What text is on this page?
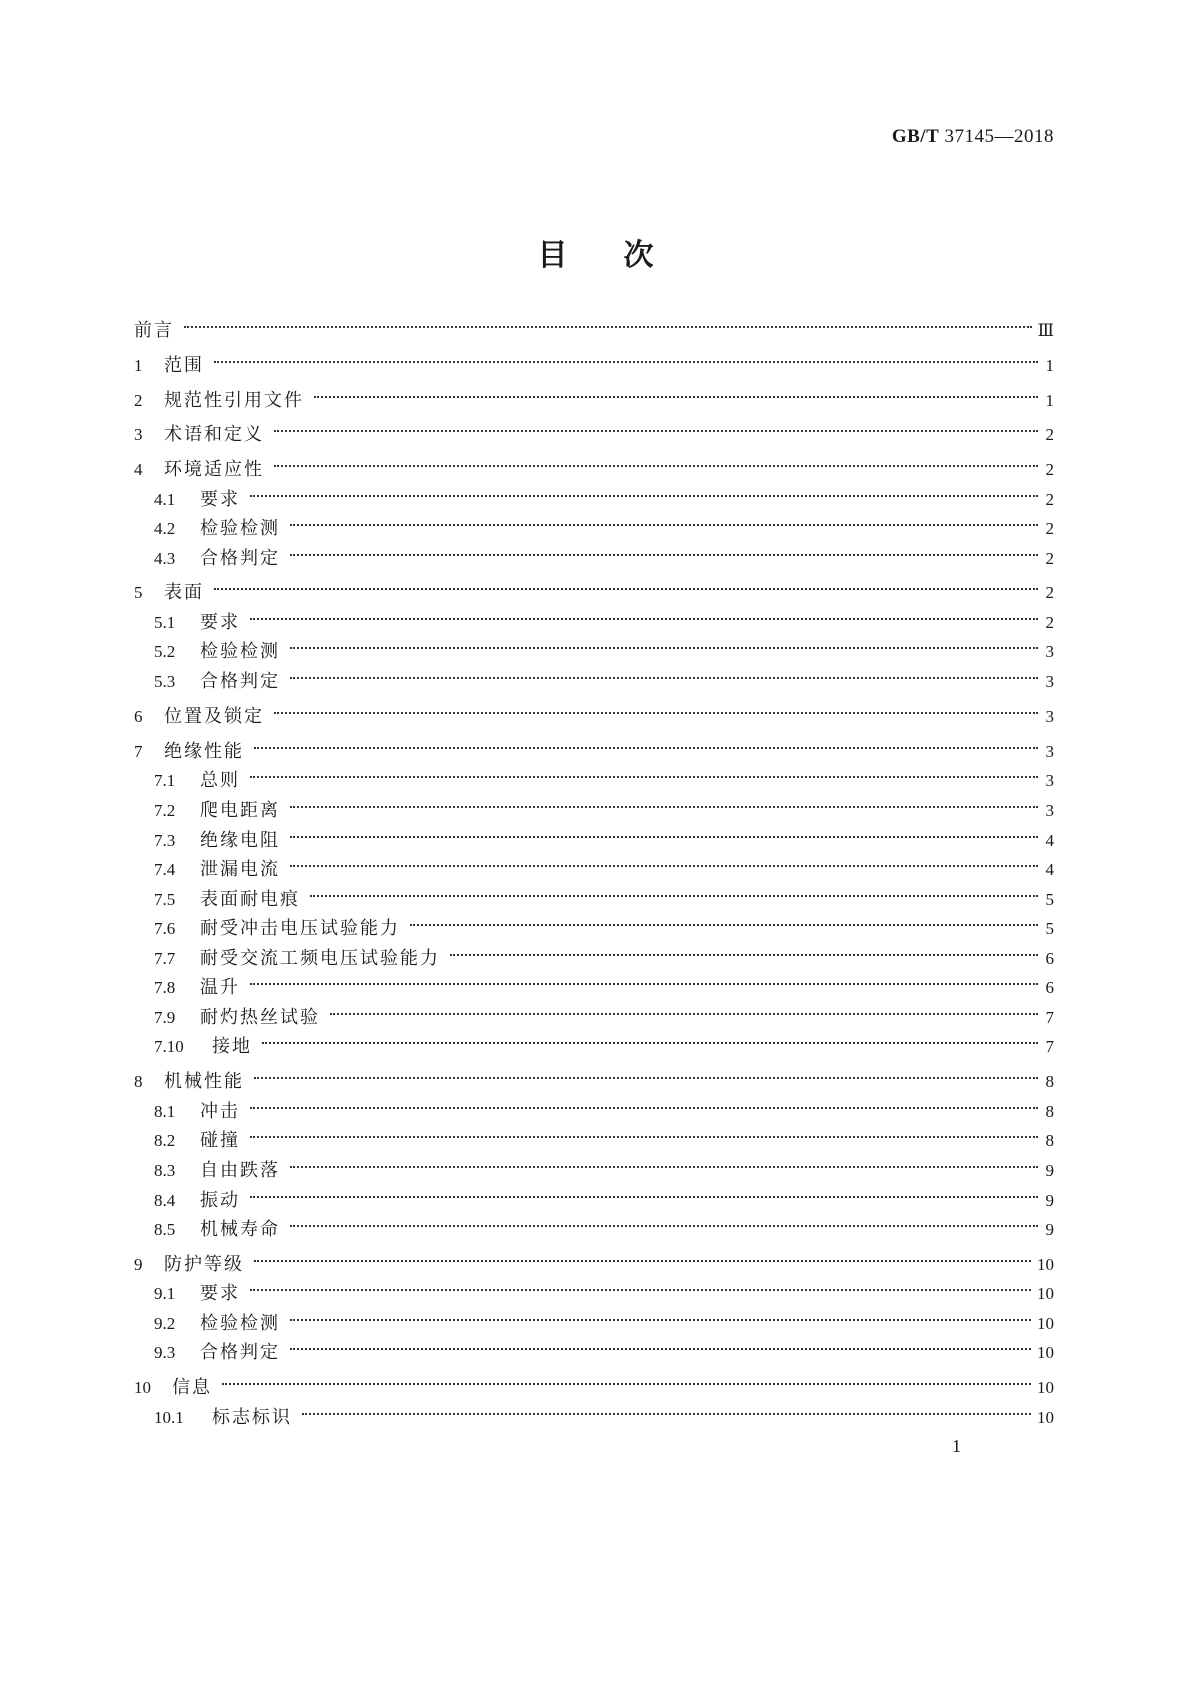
GB/T 37145—2018
目次
前言	Ⅲ
1	范围	1
2	规范性引用文件	1
3	术语和定义	2
4	环境适应性	2
4.1	要求	2
4.2	检验检测	2
4.3	合格判定	2
5	表面	2
5.1	要求	2
5.2	检验检测	3
5.3	合格判定	3
6	位置及锁定	3
7	绝缘性能	3
7.1	总则	3
7.2	爬电距离	3
7.3	绝缘电阻	4
7.4	泄漏电流	4
7.5	表面耐电痕	5
7.6	耐受冲击电压试验能力	5
7.7	耐受交流工频电压试验能力	6
7.8	温升	6
7.9	耐灼热丝试验	7
7.10	接地	7
8	机械性能	8
8.1	冲击	8
8.2	碰撞	8
8.3	自由跌落	9
8.4	振动	9
8.5	机械寿命	9
9	防护等级	10
9.1	要求	10
9.2	检验检测	10
9.3	合格判定	10
10	信息	10
10.1	标志标识	10
1
